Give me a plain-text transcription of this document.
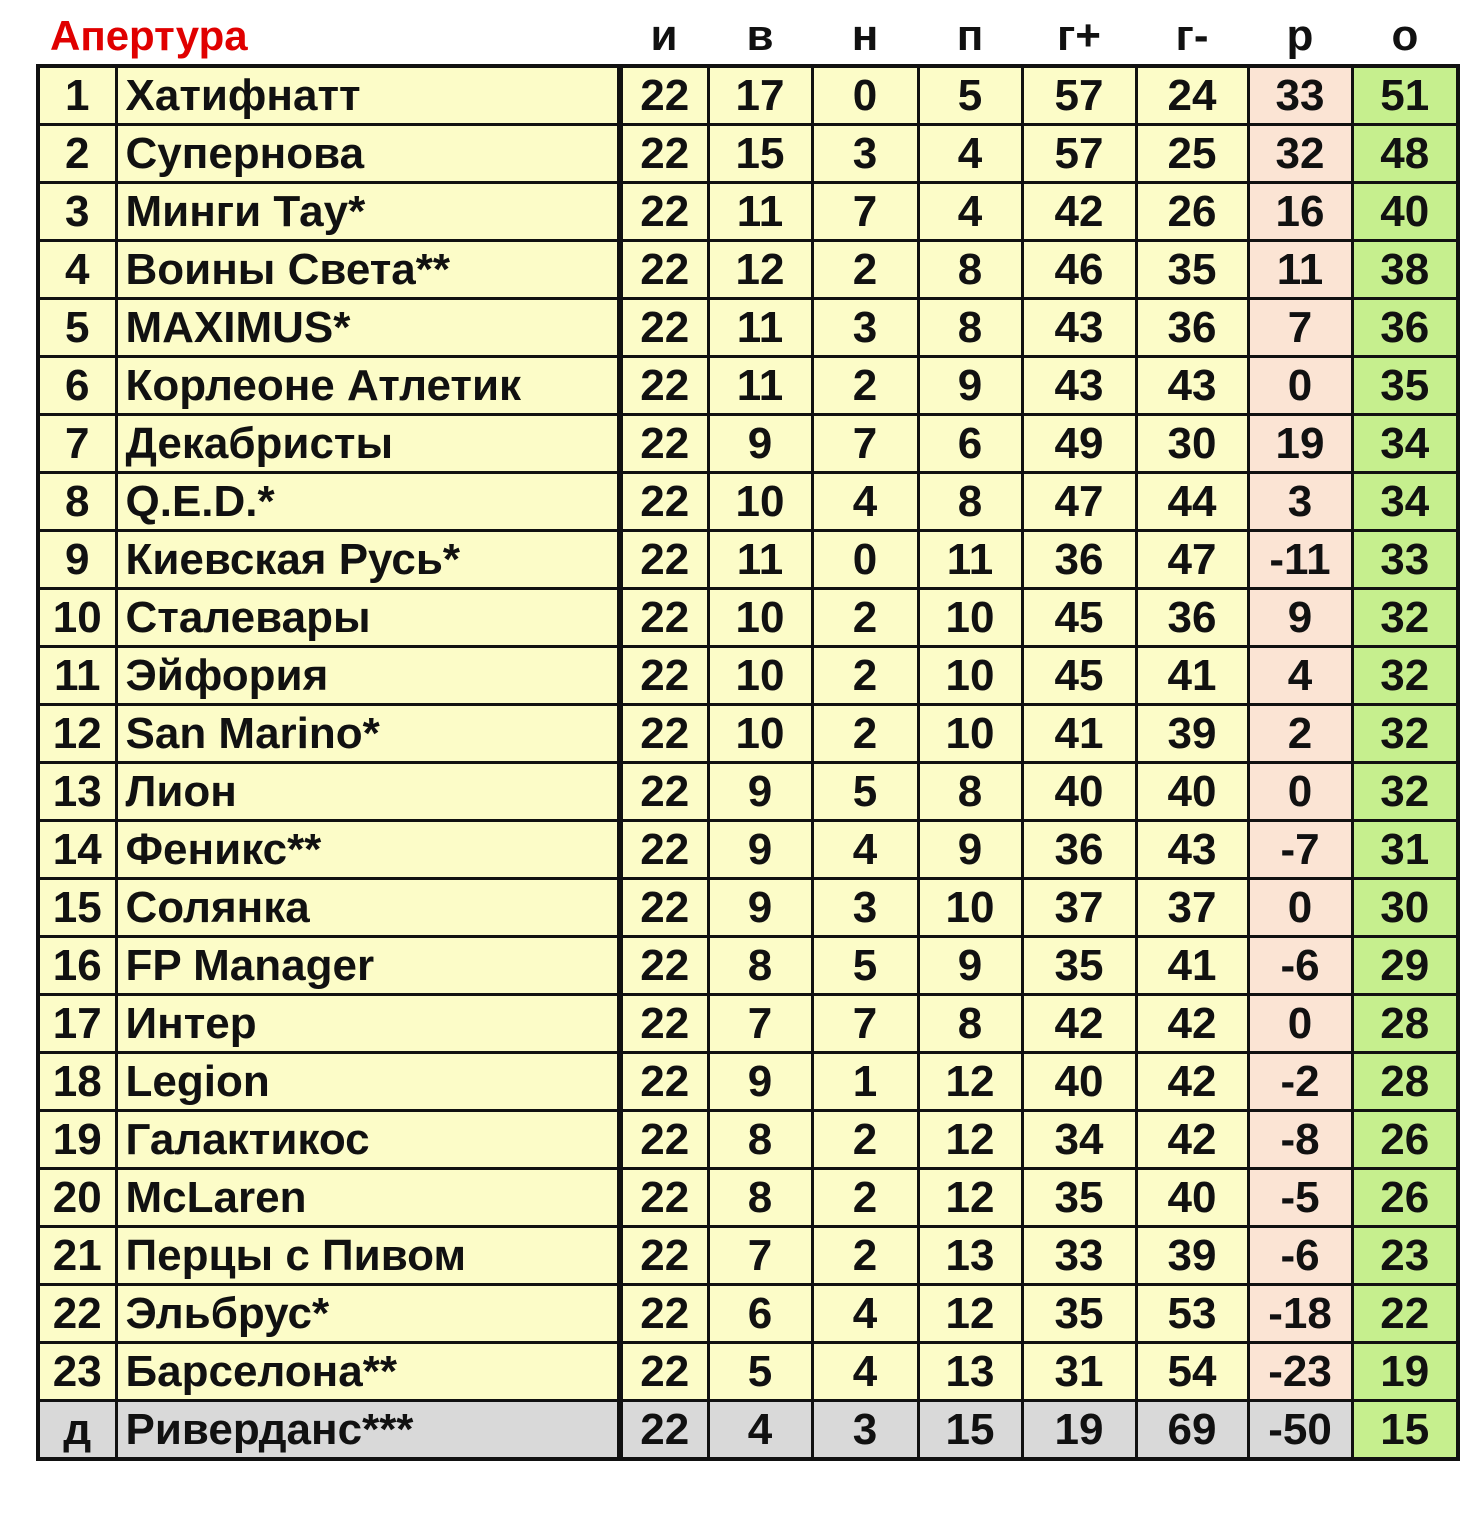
Апертура	и	в	н	п	г+	г-	р	о
1	Хатифнатт	22	17	0	5	57	24	33	51
2	Супернова	22	15	3	4	57	25	32	48
3	Минги Тау*	22	11	7	4	42	26	16	40
4	Воины Света**	22	12	2	8	46	35	11	38
5	MAXIMUS*	22	11	3	8	43	36	7	36
6	Корлеоне Атлетик	22	11	2	9	43	43	0	35
7	Декабристы	22	9	7	6	49	30	19	34
8	Q.E.D.*	22	10	4	8	47	44	3	34
9	Киевская Русь*	22	11	0	11	36	47	-11	33
10	Сталевары	22	10	2	10	45	36	9	32
11	Эйфория	22	10	2	10	45	41	4	32
12	San Marino*	22	10	2	10	41	39	2	32
13	Лион	22	9	5	8	40	40	0	32
14	Феникс**	22	9	4	9	36	43	-7	31
15	Солянка	22	9	3	10	37	37	0	30
16	FP Manager	22	8	5	9	35	41	-6	29
17	Интер	22	7	7	8	42	42	0	28
18	Legion	22	9	1	12	40	42	-2	28
19	Галактикос	22	8	2	12	34	42	-8	26
20	McLaren	22	8	2	12	35	40	-5	26
21	Перцы с Пивом	22	7	2	13	33	39	-6	23
22	Эльбрус*	22	6	4	12	35	53	-18	22
23	Барселона**	22	5	4	13	31	54	-23	19
д	Риверданс***	22	4	3	15	19	69	-50	15
